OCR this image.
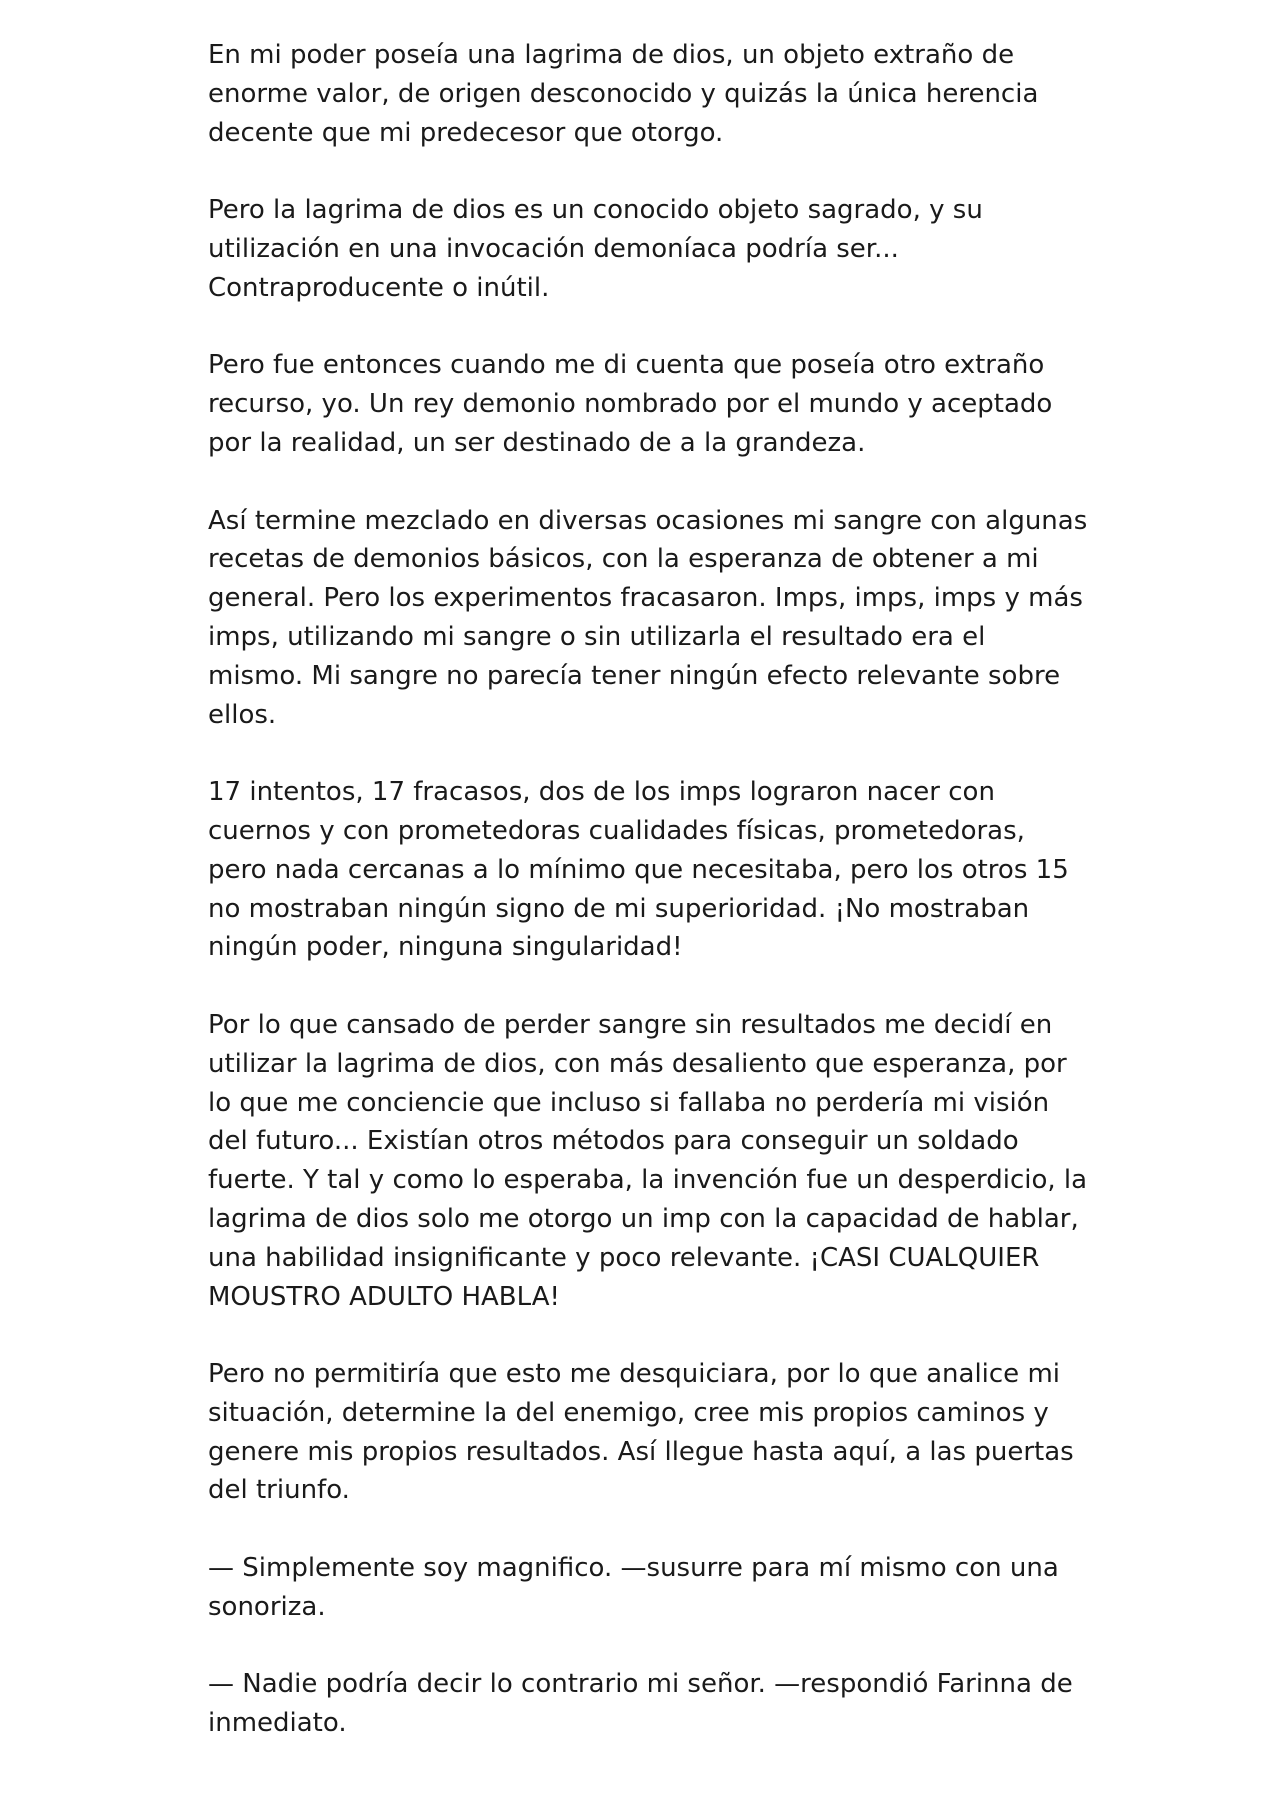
En mi poder poseía una lagrima de dios, un objeto extraño de enorme valor, de origen desconocido y quizás la única herencia decente que mi predecesor que otorgo.

Pero la lagrima de dios es un conocido objeto sagrado, y su utilización en una invocación demoníaca podría ser... Contraproducente o inútil.

Pero fue entonces cuando me di cuenta que poseía otro extraño recurso, yo. Un rey demonio nombrado por el mundo y aceptado por la realidad, un ser destinado de a la grandeza.

Así termine mezclado en diversas ocasiones mi sangre con algunas recetas de demonios básicos, con la esperanza de obtener a mi general. Pero los experimentos fracasaron. Imps, imps, imps y más imps, utilizando mi sangre o sin utilizarla el resultado era el mismo. Mi sangre no parecía tener ningún efecto relevante sobre ellos.

17 intentos, 17 fracasos, dos de los imps lograron nacer con cuernos y con prometedoras cualidades físicas, prometedoras, pero nada cercanas a lo mínimo que necesitaba, pero los otros 15 no mostraban ningún signo de mi superioridad. ¡No mostraban ningún poder, ninguna singularidad!

Por lo que cansado de perder sangre sin resultados me decidí en utilizar la lagrima de dios, con más desaliento que esperanza, por lo que me conciencie que incluso si fallaba no perdería mi visión del futuro... Existían otros métodos para conseguir un soldado fuerte. Y tal y como lo esperaba, la invención fue un desperdicio, la lagrima de dios solo me otorgo un imp con la capacidad de hablar, una habilidad insignificante y poco relevante. ¡CASI CUALQUIER MOUSTRO ADULTO HABLA!

Pero no permitiría que esto me desquiciara, por lo que analice mi situación, determine la del enemigo, cree mis propios caminos y genere mis propios resultados. Así llegue hasta aquí, a las puertas del triunfo.

— Simplemente soy magnifico. —susurre para mí mismo con una sonoriza.

— Nadie podría decir lo contrario mi señor. —respondió Farinna de inmediato.
